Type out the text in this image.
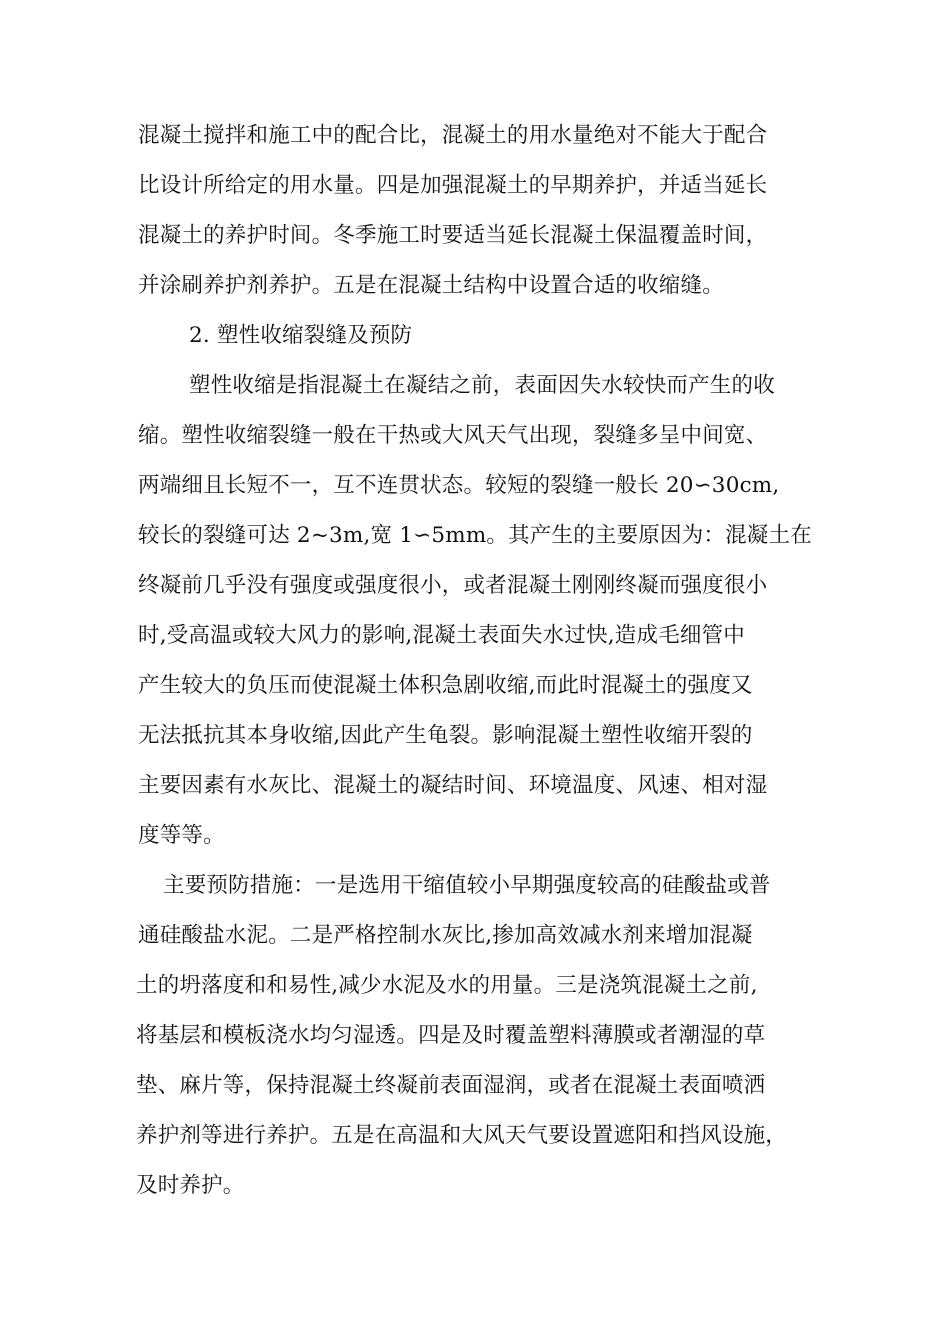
混凝土搅拌和施工中的配合比，混凝土的用水量绝对不能大于配合
比设计所给定的用水量。四是加强混凝土的早期养护，并适当延长
混凝土的养护时间。冬季施工时要适当延长混凝土保温覆盖时间，
并涂刷养护剂养护。五是在混凝土结构中设置合适的收缩缝。
2. 塑性收缩裂缝及预防
塑性收缩是指混凝土在凝结之前，表面因失水较快而产生的收
缩。塑性收缩裂缝一般在干热或大风天气出现，裂缝多呈中间宽、
两端细且长短不一，互不连贯状态。较短的裂缝一般长 20∽30cm,
较长的裂缝可达 2~3m,宽 1∽5mm。其产生的主要原因为：混凝土在
终凝前几乎没有强度或强度很小，或者混凝土刚刚终凝而强度很小
时,受高温或较大风力的影响,混凝土表面失水过快,造成毛细管中
产生较大的负压而使混凝土体积急剧收缩,而此时混凝土的强度又
无法抵抗其本身收缩,因此产生龟裂。影响混凝土塑性收缩开裂的
主要因素有水灰比、混凝土的凝结时间、环境温度、风速、相对湿
度等等。
主要预防措施：一是选用干缩值较小早期强度较高的硅酸盐或普
通硅酸盐水泥。二是严格控制水灰比,掺加高效减水剂来增加混凝
土的坍落度和和易性,减少水泥及水的用量。三是浇筑混凝土之前,
将基层和模板浇水均匀湿透。四是及时覆盖塑料薄膜或者潮湿的草
垫、麻片等，保持混凝土终凝前表面湿润，或者在混凝土表面喷洒
养护剂等进行养护。五是在高温和大风天气要设置遮阳和挡风设施，
及时养护。
